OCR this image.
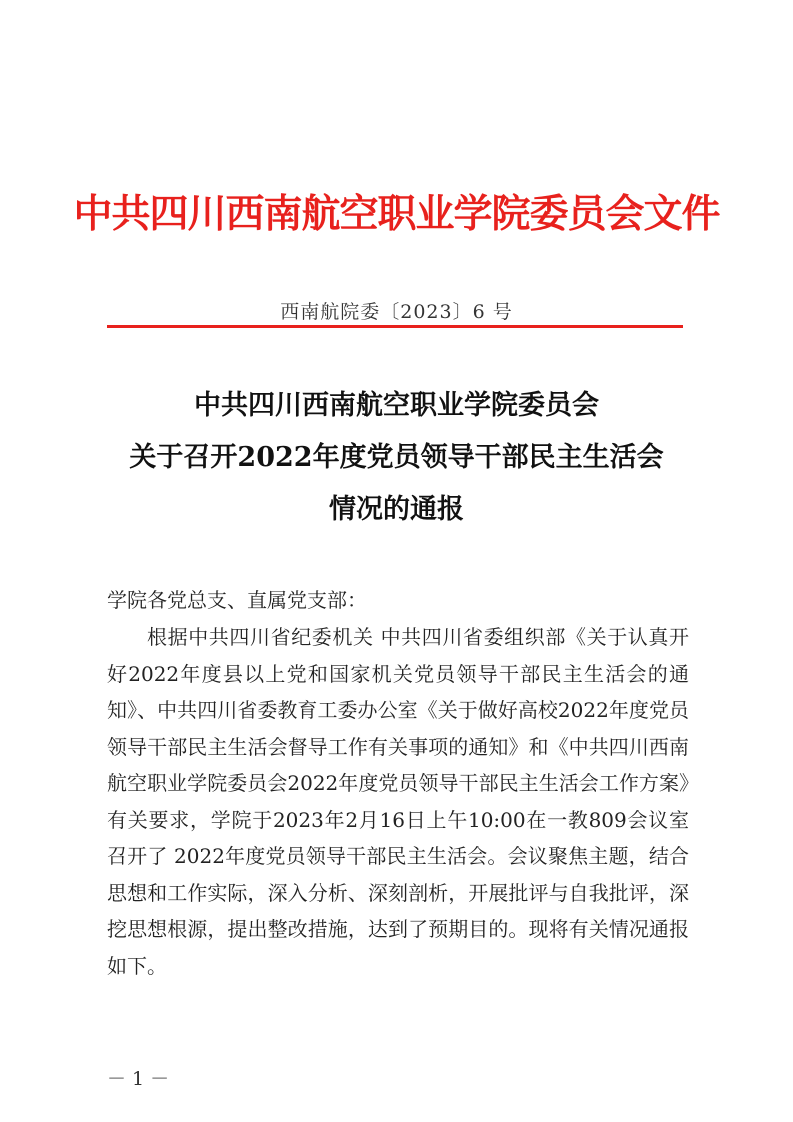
中共四川西南航空职业学院委员会文件
西南航院委〔2023〕6 号
中共四川西南航空职业学院委员会
关于召开2022年度党员领导干部民主生活会
情况的通报
学院各党总支、直属党支部：
根据中共四川省纪委机关 中共四川省委组织部《关于认真开好2022年度县以上党和国家机关党员领导干部民主生活会的通知》、中共四川省委教育工委办公室《关于做好高校2022年度党员领导干部民主生活会督导工作有关事项的通知》和《中共四川西南航空职业学院委员会2022年度党员领导干部民主生活会工作方案》有关要求，学院于2023年2月16日上午10:00在一教809会议室召开了 2022年度党员领导干部民主生活会。会议聚焦主题，结合思想和工作实际，深入分析、深刻剖析，开展批评与自我批评，深挖思想根源，提出整改措施，达到了预期目的。现将有关情况通报如下。
－ 1 －
